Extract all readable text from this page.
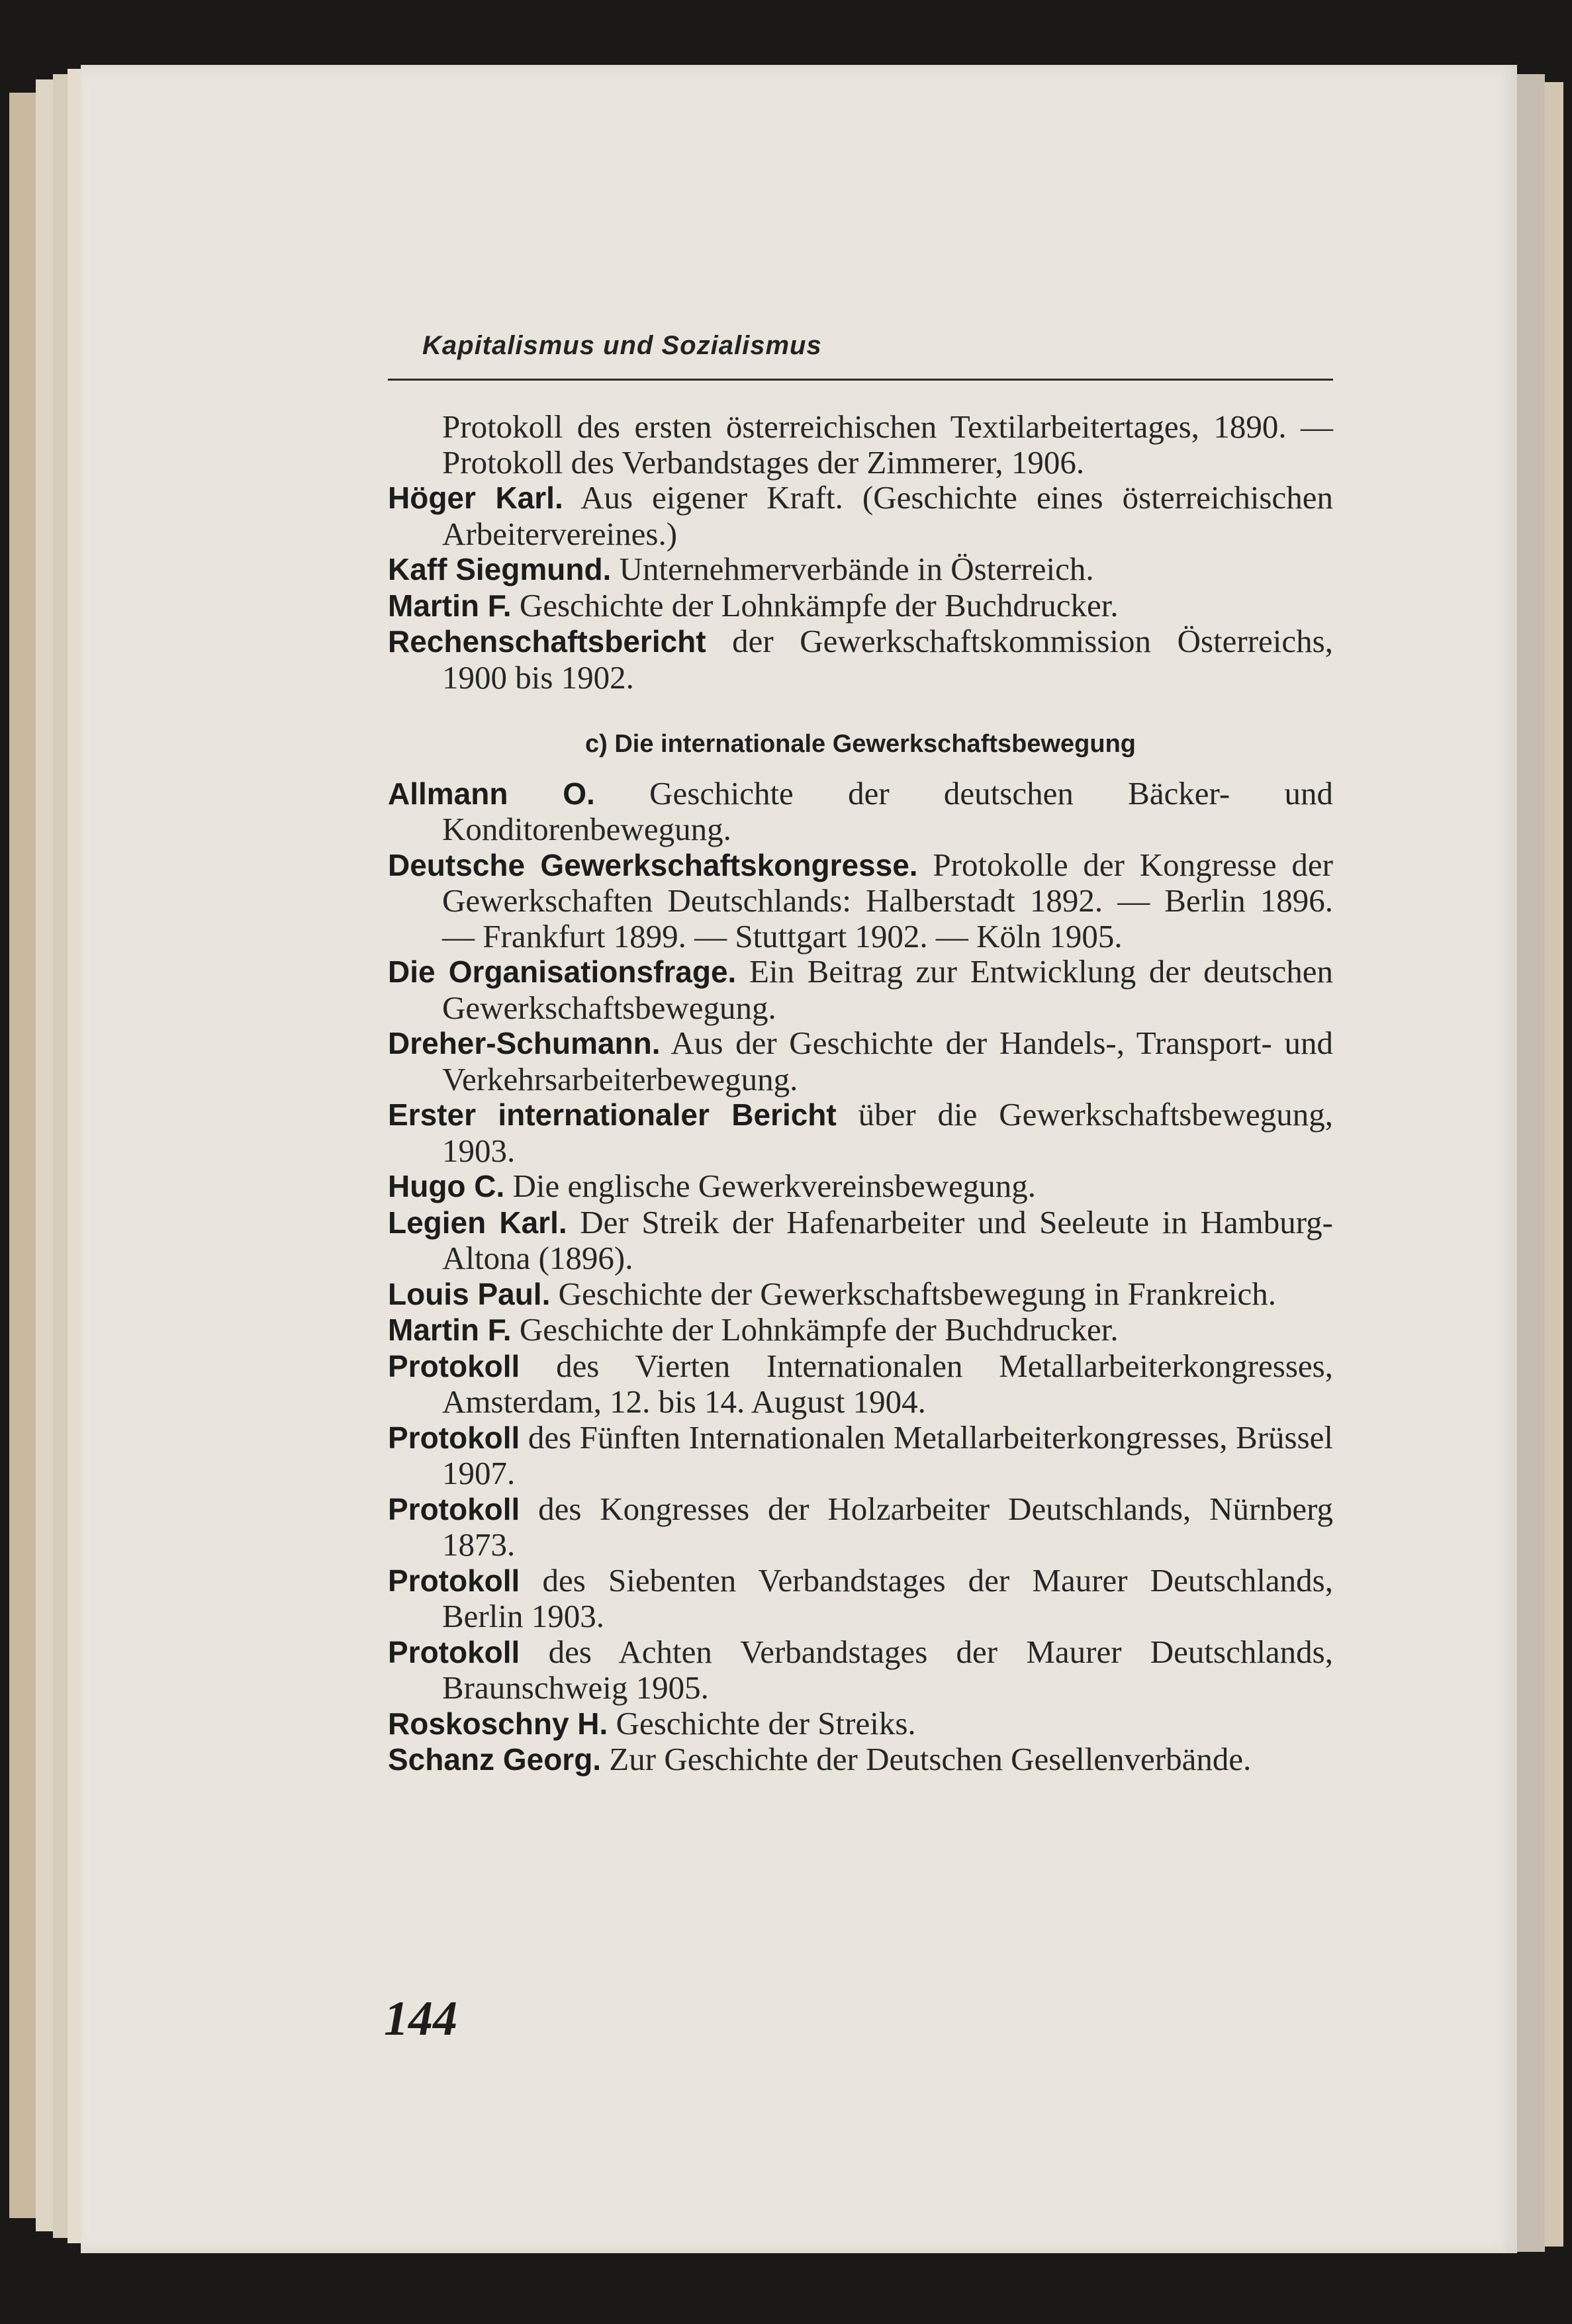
Kapitalismus und Sozialismus

Protokoll des ersten österreichischen Textilarbeitertages, 1890. — Protokoll des Verbandstages der Zimmerer, 1906.

Höger Karl. Aus eigener Kraft. (Geschichte eines österreichischen Arbeitervereines.)

Kaff Siegmund. Unternehmerverbände in Österreich.

Martin F. Geschichte der Lohnkämpfe der Buchdrucker.

Rechenschaftsbericht der Gewerkschaftskommission Österreichs, 1900 bis 1902.

c) Die internationale Gewerkschaftsbewegung

Allmann O. Geschichte der deutschen Bäcker- und Konditorenbewegung.

Deutsche Gewerkschaftskongresse. Protokolle der Kongresse der Gewerkschaften Deutschlands: Halberstadt 1892. — Berlin 1896. — Frankfurt 1899. — Stuttgart 1902. — Köln 1905.

Die Organisationsfrage. Ein Beitrag zur Entwicklung der deutschen Gewerkschaftsbewegung.

Dreher-Schumann. Aus der Geschichte der Handels-, Transport- und Verkehrsarbeiterbewegung.

Erster internationaler Bericht über die Gewerkschaftsbewegung, 1903.

Hugo C. Die englische Gewerkvereinsbewegung.

Legien Karl. Der Streik der Hafenarbeiter und Seeleute in Hamburg-Altona (1896).

Louis Paul. Geschichte der Gewerkschaftsbewegung in Frankreich.

Martin F. Geschichte der Lohnkämpfe der Buchdrucker.

Protokoll des Vierten Internationalen Metallarbeiterkongresses, Amsterdam, 12. bis 14. August 1904.

Protokoll des Fünften Internationalen Metallarbeiterkongresses, Brüssel 1907.

Protokoll des Kongresses der Holzarbeiter Deutschlands, Nürnberg 1873.

Protokoll des Siebenten Verbandstages der Maurer Deutschlands, Berlin 1903.

Protokoll des Achten Verbandstages der Maurer Deutschlands, Braunschweig 1905.

Roskoschny H. Geschichte der Streiks.

Schanz Georg. Zur Geschichte der Deutschen Gesellenverbände.

144
